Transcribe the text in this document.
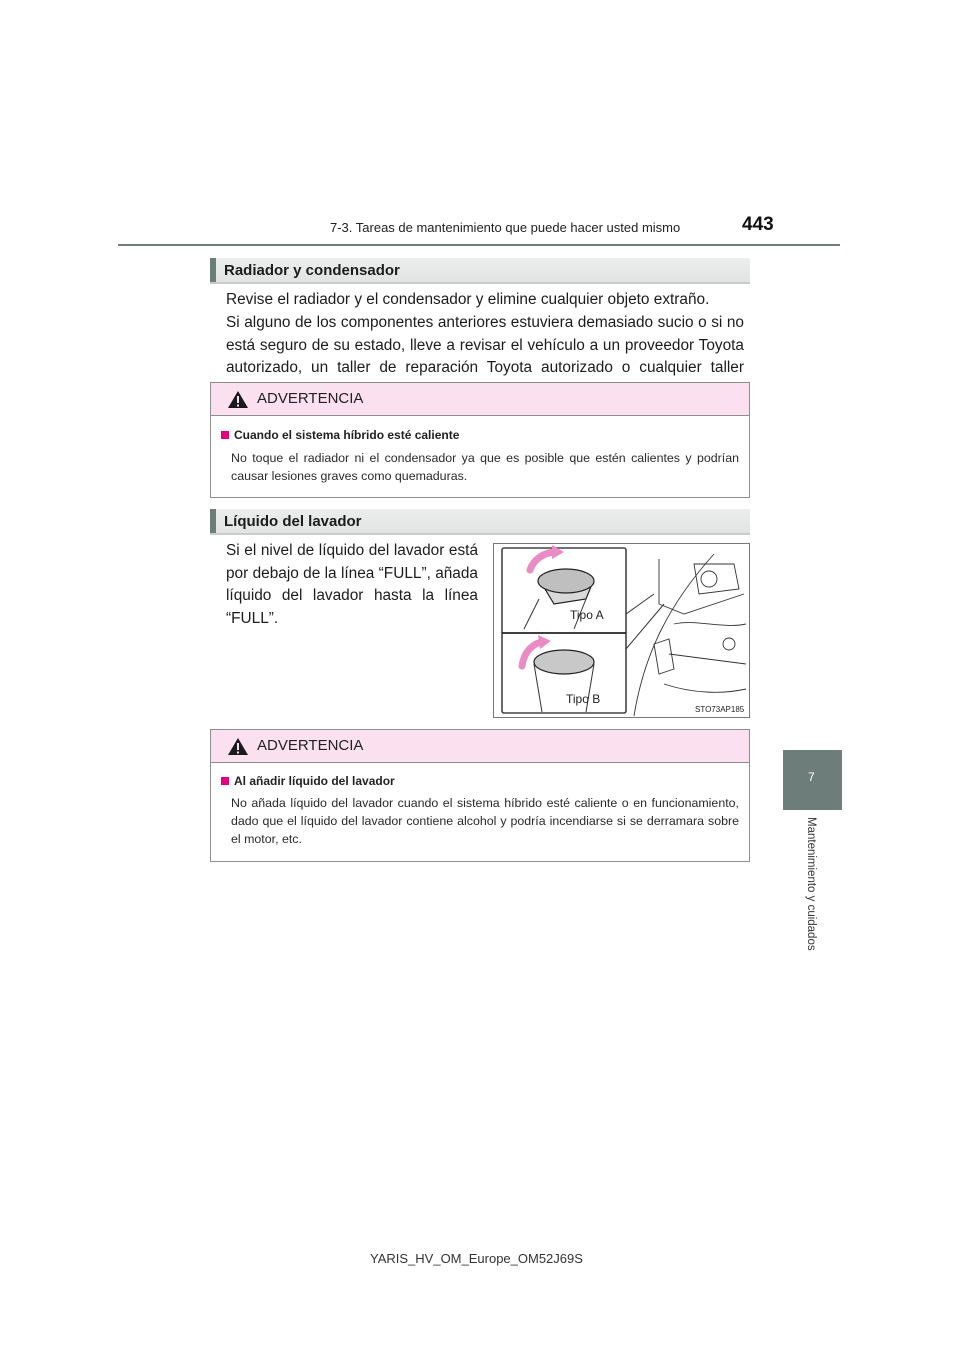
7-3. Tareas de mantenimiento que puede hacer usted mismo	443
Radiador y condensador
Revise el radiador y el condensador y elimine cualquier objeto extraño.
Si alguno de los componentes anteriores estuviera demasiado sucio o si no está seguro de su estado, lleve a revisar el vehículo a un proveedor Toyota autorizado, un taller de reparación Toyota autorizado o cualquier taller
ADVERTENCIA
Cuando el sistema híbrido esté caliente
No toque el radiador ni el condensador ya que es posible que estén calientes y podrían causar lesiones graves como quemaduras.
Líquido del lavador
Si el nivel de líquido del lavador está por debajo de la línea “FULL”, añada líquido del lavador hasta la línea “FULL”.	Tipo A
Tipo B
STO73AP185
ADVERTENCIA
Al añadir líquido del lavador
No añada líquido del lavador cuando el sistema híbrido esté caliente o en funcionamiento, dado que el líquido del lavador contiene alcohol y podría incendiarse si se derramara sobre el motor, etc.
7
Mantenimiento y cuidados
YARIS_HV_OM_Europe_OM52J69S
